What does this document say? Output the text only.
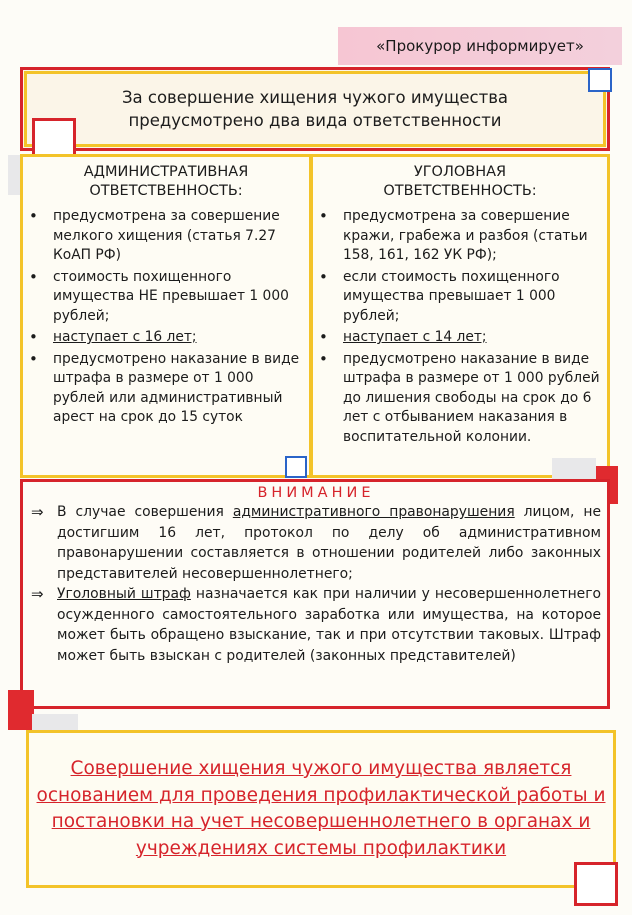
«Прокурор информирует»
За совершение хищения чужого имущества
предусмотрено два вида ответственности
АДМИНИСТРАТИВНАЯ
ОТВЕТСТВЕННОСТЬ:
• предусмотрена за совершение мелкого хищения (статья 7.27 КоАП РФ)
• стоимость похищенного имущества НЕ превышает 1 000 рублей;
• наступает с 16 лет;
• предусмотрено наказание в виде штрафа в размере от 1 000 рублей или административный арест на срок до 15 суток
УГОЛОВНАЯ
ОТВЕТСТВЕННОСТЬ:
• предусмотрена за совершение кражи, грабежа и разбоя (статьи 158, 161, 162 УК РФ);
• если стоимость похищенного имущества превышает 1 000 рублей;
• наступает с 14 лет;
• предусмотрено наказание в виде штрафа в размере от 1 000 рублей до лишения свободы на срок до 6 лет с отбыванием наказания в воспитательной колонии.
ВНИМАНИЕ

⇒ В случае совершения административного правонарушения лицом, не достигшим 16 лет, протокол по делу об административном правонарушении составляется в отношении родителей либо законных представителей несовершеннолетнего;

⇒ Уголовный штраф назначается как при наличии у несовершеннолетнего осужденного самостоятельного заработка или имущества, на которое может быть обращено взыскание, так и при отсутствии таковых. Штраф может быть взыскан с родителей (законных представителей)

Совершение хищения чужого имущества является основанием для проведения профилактической работы и постановки на учет несовершеннолетнего в органах и учреждениях системы профилактики
